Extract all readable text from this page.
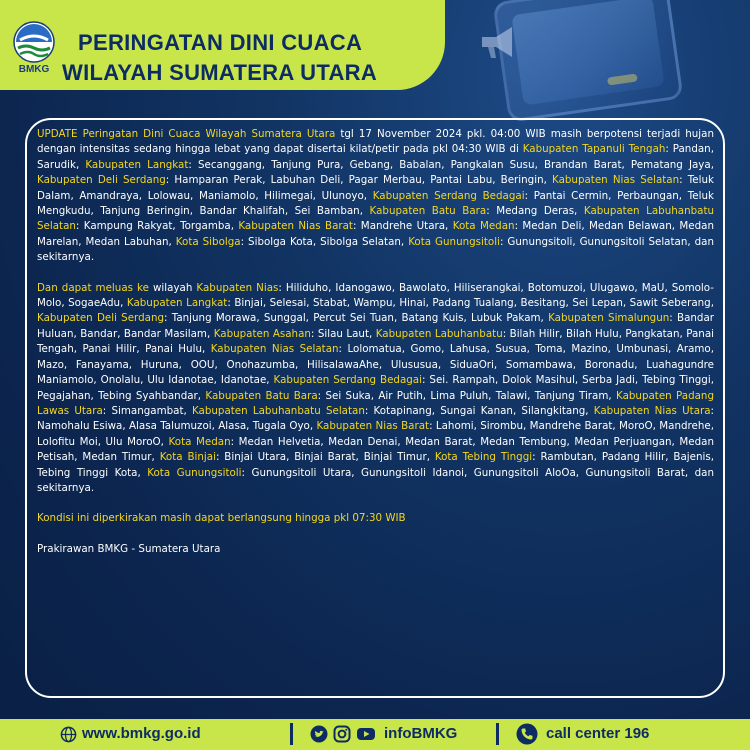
BMKG
PERINGATAN DINI CUACA
WILAYAH SUMATERA UTARA

UPDATE Peringatan Dini Cuaca Wilayah Sumatera Utara tgl 17 November 2024 pkl. 04:00 WIB masih berpotensi terjadi hujan dengan intensitas sedang hingga lebat yang dapat disertai kilat/petir pada pkl 04:30 WIB di Kabupaten Tapanuli Tengah: Pandan, Sarudik, Kabupaten Langkat: Secanggang, Tanjung Pura, Gebang, Babalan, Pangkalan Susu, Brandan Barat, Pematang Jaya, Kabupaten Deli Serdang: Hamparan Perak, Labuhan Deli, Pagar Merbau, Pantai Labu, Beringin, Kabupaten Nias Selatan: Teluk Dalam, Amandraya, Lolowau, Maniamolo, Hilimegai, Ulunoyo, Kabupaten Serdang Bedagai: Pantai Cermin, Perbaungan, Teluk Mengkudu, Tanjung Beringin, Bandar Khalifah, Sei Bamban, Kabupaten Batu Bara: Medang Deras, Kabupaten Labuhanbatu Selatan: Kampung Rakyat, Torgamba, Kabupaten Nias Barat: Mandrehe Utara, Kota Medan: Medan Deli, Medan Belawan, Medan Marelan, Medan Labuhan, Kota Sibolga: Sibolga Kota, Sibolga Selatan, Kota Gunungsitoli: Gunungsitoli, Gunungsitoli Selatan, dan sekitarnya.

Dan dapat meluas ke wilayah Kabupaten Nias: Hiliduho, Idanogawo, Bawolato, Hiliserangkai, Botomuzoi, Ulugawo, MaU, Somolo-Molo, SogaeAdu, Kabupaten Langkat: Binjai, Selesai, Stabat, Wampu, Hinai, Padang Tualang, Besitang, Sei Lepan, Sawit Seberang, Kabupaten Deli Serdang: Tanjung Morawa, Sunggal, Percut Sei Tuan, Batang Kuis, Lubuk Pakam, Kabupaten Simalungun: Bandar Huluan, Bandar, Bandar Masilam, Kabupaten Asahan: Silau Laut, Kabupaten Labuhanbatu: Bilah Hilir, Bilah Hulu, Pangkatan, Panai Tengah, Panai Hilir, Panai Hulu, Kabupaten Nias Selatan: Lolomatua, Gomo, Lahusa, Susua, Toma, Mazino, Umbunasi, Aramo, Mazo, Fanayama, Huruna, OOU, Onohazumba, HilisalawaAhe, Ulususua, SiduaOri, Somambawa, Boronadu, Luahagundre Maniamolo, Onolalu, Ulu Idanotae, Idanotae, Kabupaten Serdang Bedagai: Sei. Rampah, Dolok Masihul, Serba Jadi, Tebing Tinggi, Pegajahan, Tebing Syahbandar, Kabupaten Batu Bara: Sei Suka, Air Putih, Lima Puluh, Talawi, Tanjung Tiram, Kabupaten Padang Lawas Utara: Simangambat, Kabupaten Labuhanbatu Selatan: Kotapinang, Sungai Kanan, Silangkitang, Kabupaten Nias Utara: Namohalu Esiwa, Alasa Talumuzoi, Alasa, Tugala Oyo, Kabupaten Nias Barat: Lahomi, Sirombu, Mandrehe Barat, MoroO, Mandrehe, Lolofitu Moi, Ulu MoroO, Kota Medan: Medan Helvetia, Medan Denai, Medan Barat, Medan Tembung, Medan Perjuangan, Medan Petisah, Medan Timur, Kota Binjai: Binjai Utara, Binjai Barat, Binjai Timur, Kota Tebing Tinggi: Rambutan, Padang Hilir, Bajenis, Tebing Tinggi Kota, Kota Gunungsitoli: Gunungsitoli Utara, Gunungsitoli Idanoi, Gunungsitoli AloOa, Gunungsitoli Barat, dan sekitarnya.

Kondisi ini diperkirakan masih dapat berlangsung hingga pkl 07:30 WIB

Prakirawan BMKG - Sumatera Utara

www.bmkg.go.id	infoBMKG	call center 196
